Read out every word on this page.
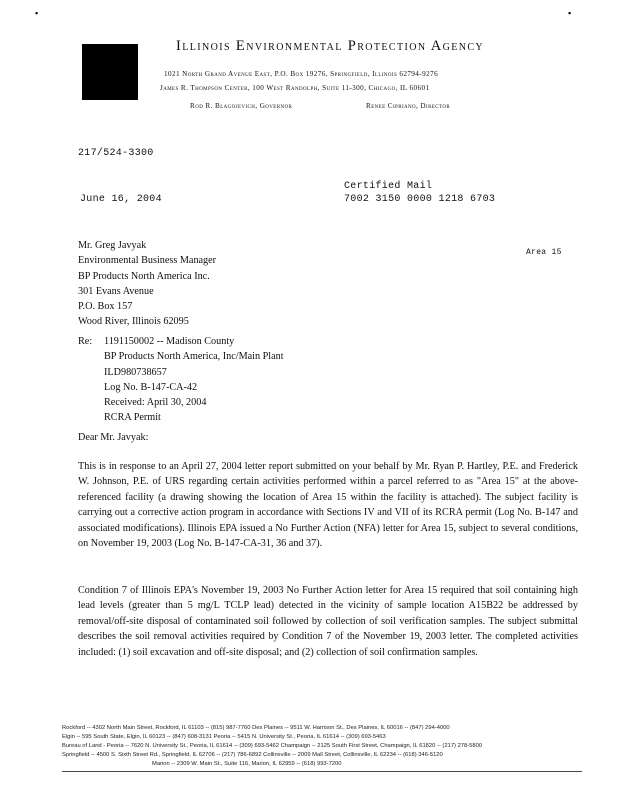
▪	▪
Illinois Environmental Protection Agency
1021 North Grand Avenue East, P.O. Box 19276, Springfield, Illinois 62794-9276
James R. Thompson Center, 100 West Randolph, Suite 11-300, Chicago, IL 60601
Rod R. Blagojevich, Governor	Renee Cipriano, Director
217/524-3300
June 16, 2004
Certified Mail
7002 3150 0000 1218 6703
Area 15
Mr. Greg Javyak
Environmental Business Manager
BP Products North America Inc.
301 Evans Avenue
P.O. Box 157
Wood River, Illinois 62095
Re: 1191150002 -- Madison County
BP Products North America, Inc/Main Plant
ILD980738657
Log No. B-147-CA-42
Received: April 30, 2004
RCRA Permit
Dear Mr. Javyak:
This is in response to an April 27, 2004 letter report submitted on your behalf by Mr. Ryan P. Hartley, P.E. and Frederick W. Johnson, P.E. of URS regarding certain activities performed within a parcel referred to as "Area 15" at the above-referenced facility (a drawing showing the location of Area 15 within the facility is attached). The subject facility is carrying out a corrective action program in accordance with Sections IV and VII of its RCRA permit (Log No. B-147 and associated modifications). Illinois EPA issued a No Further Action (NFA) letter for Area 15, subject to several conditions, on November 19, 2003 (Log No. B-147-CA-31, 36 and 37).
Condition 7 of Illinois EPA's November 19, 2003 No Further Action letter for Area 15 required that soil containing high lead levels (greater than 5 mg/L TCLP lead) detected in the vicinity of sample location A15B22 be addressed by removal/off-site disposal of contaminated soil followed by collection of soil verification samples. The subject submittal describes the soil removal activities required by Condition 7 of the November 19, 2003 letter. The completed activities included: (1) soil excavation and off-site disposal; and (2) collection of soil confirmation samples.
Rockford -- 4302 North Main Street, Rockford, IL 61103 -- (815) 987-7760 Des Plaines -- 9511 W. Harrison St., Des Plaines, IL 60016 -- (847) 294-4000
Elgin -- 595 South State, Elgin, IL 60123 -- (847) 608-3131 Peoria -- 5415 N. University St., Peoria, IL 61614 -- (309) 693-5463
Bureau of Land - Peoria -- 7620 N. University St., Peoria, IL 61614 -- (309) 693-5462 Champaign -- 2125 South First Street, Champaign, IL 61820 -- (217) 278-5800
Springfield -- 4500 S. Sixth Street Rd., Springfield, IL 62706 -- (217) 786-6892 Collinsville -- 2009 Mall Street, Collinsville, IL 62234 -- (618) 346-5120
Marion -- 2309 W. Main St., Suite 116, Marion, IL 62959 -- (618) 993-7200
